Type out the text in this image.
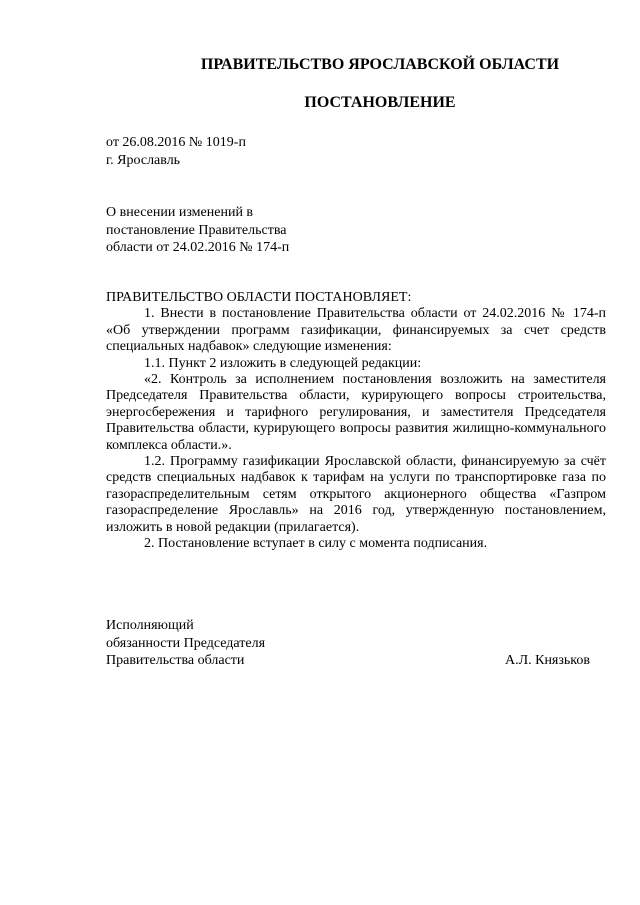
ПРАВИТЕЛЬСТВО ЯРОСЛАВСКОЙ ОБЛАСТИ
ПОСТАНОВЛЕНИЕ
от 26.08.2016 № 1019-п
г. Ярославль
О внесении изменений в
постановление Правительства
области от 24.02.2016 № 174-п

ПРАВИТЕЛЬСТВО ОБЛАСТИ ПОСТАНОВЛЯЕТ:

1. Внести в постановление Правительства области от 24.02.2016 № 174-п «Об утверждении программ газификации, финансируемых за счет средств специальных надбавок» следующие изменения:

1.1. Пункт 2 изложить в следующей редакции:

«2. Контроль за исполнением постановления возложить на заместителя Председателя Правительства области, курирующего вопросы строительства, энергосбережения и тарифного регулирования, и заместителя Председателя Правительства области, курирующего вопросы развития жилищно-коммунального комплекса области.».

1.2. Программу газификации Ярославской области, финансируемую за счёт средств специальных надбавок к тарифам на услуги по транспортировке газа по газораспределительным сетям открытого акционерного общества «Газпром газораспределение Ярославль» на 2016 год, утвержденную постановлением, изложить в новой редакции (прилагается).

2. Постановление вступает в силу с момента подписания.

Исполняющий
обязанности Председателя
Правительства области	А.Л. Князьков
